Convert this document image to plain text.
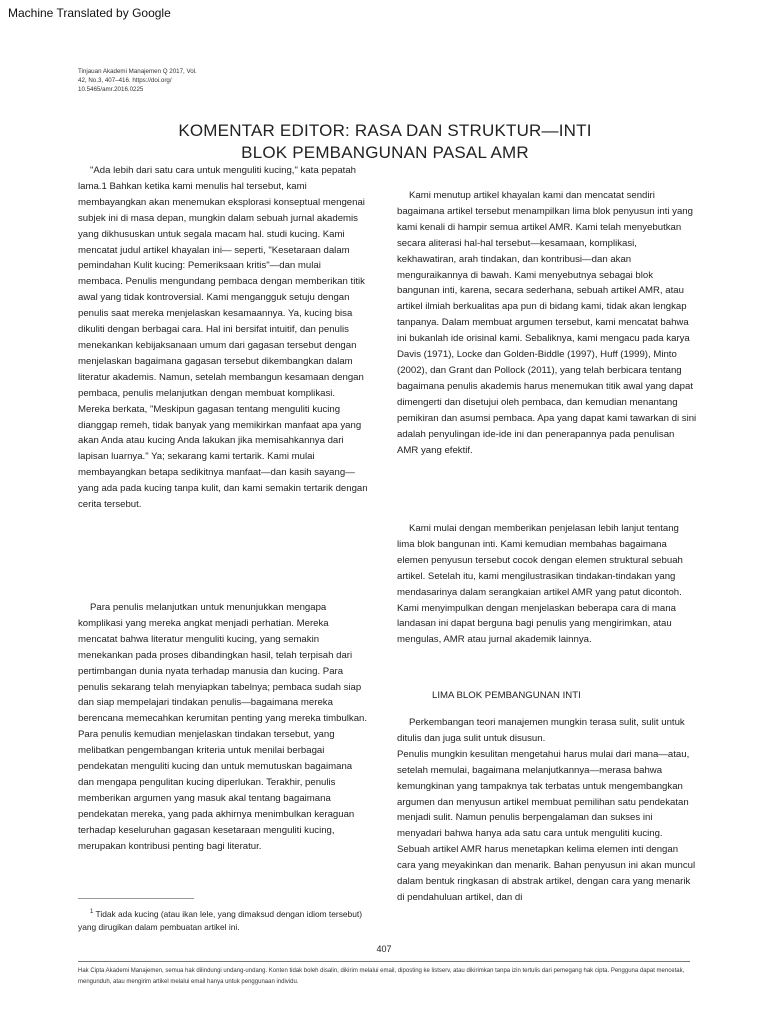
Machine Translated by Google
Tinjauan Akademi Manajemen Q 2017, Vol.
42, No.3, 407–416. https://doi.org/
10.5465/amr.2016.0225
KOMENTAR EDITOR: RASA DAN STRUKTUR—INTI
BLOK PEMBANGUNAN PASAL AMR

"Ada lebih dari satu cara untuk menguliti kucing," kata pepatah lama.1 Bahkan ketika kami menulis hal tersebut, kami membayangkan akan menemukan eksplorasi konseptual mengenai subjek ini di masa depan, mungkin dalam sebuah jurnal akademis yang dikhususkan untuk segala macam hal. studi kucing. Kami mencatat judul artikel khayalan ini— seperti, "Kesetaraan dalam pemindahan Kulit kucing: Pemeriksaan kritis"—dan mulai membaca. Penulis mengundang pembaca dengan memberikan titik awal yang tidak kontroversial. Kami mengangguk setuju dengan penulis saat mereka menjelaskan kesamaannya. Ya, kucing bisa dikuliti dengan berbagai cara. Hal ini bersifat intuitif, dan penulis menekankan kebijaksanaan umum dari gagasan tersebut dengan menjelaskan bagaimana gagasan tersebut dikembangkan dalam literatur akademis. Namun, setelah membangun kesamaan dengan pembaca, penulis melanjutkan dengan membuat komplikasi. Mereka berkata, "Meskipun gagasan tentang menguliti kucing dianggap remeh, tidak banyak yang memikirkan manfaat apa yang akan Anda atau kucing Anda lakukan jika memisahkannya dari lapisan luarnya." Ya; sekarang kami tertarik. Kami mulai membayangkan betapa sedikitnya manfaat—dan kasih sayang—yang ada pada kucing tanpa kulit, dan kami semakin tertarik dengan cerita tersebut.

Para penulis melanjutkan untuk menunjukkan mengapa komplikasi yang mereka angkat menjadi perhatian. Mereka mencatat bahwa literatur menguliti kucing, yang semakin menekankan pada proses dibandingkan hasil, telah terpisah dari pertimbangan dunia nyata terhadap manusia dan kucing. Para penulis sekarang telah menyiapkan tabelnya; pembaca sudah siap dan siap mempelajari tindakan penulis—bagaimana mereka berencana memecahkan kerumitan penting yang mereka timbulkan. Para penulis kemudian menjelaskan tindakan tersebut, yang melibatkan pengembangan kriteria untuk menilai berbagai pendekatan menguliti kucing dan untuk memutuskan bagaimana dan mengapa pengulitan kucing diperlukan. Terakhir, penulis memberikan argumen yang masuk akal tentang bagaimana pendekatan mereka, yang pada akhirnya menimbulkan keraguan terhadap keseluruhan gagasan kesetaraan menguliti kucing, merupakan kontribusi penting bagi literatur.

Kami menutup artikel khayalan kami dan mencatat sendiri bagaimana artikel tersebut menampilkan lima blok penyusun inti yang kami kenali di hampir semua artikel AMR. Kami telah menyebutkan secara aliterasi hal-hal tersebut—kesamaan, komplikasi, kekhawatiran, arah tindakan, dan kontribusi—dan akan menguraikannya di bawah. Kami menyebutnya sebagai blok bangunan inti, karena, secara sederhana, sebuah artikel AMR, atau artikel ilmiah berkualitas apa pun di bidang kami, tidak akan lengkap tanpanya. Dalam membuat argumen tersebut, kami mencatat bahwa ini bukanlah ide orisinal kami. Sebaliknya, kami mengacu pada karya Davis (1971), Locke dan Golden-Biddle (1997), Huff (1999), Minto (2002), dan Grant dan Pollock (2011), yang telah berbicara tentang bagaimana penulis akademis harus menemukan titik awal yang dapat dimengerti dan disetujui oleh pembaca, dan kemudian menantang pemikiran dan asumsi pembaca. Apa yang dapat kami tawarkan di sini adalah penyulingan ide-ide ini dan penerapannya pada penulisan AMR yang efektif.

Kami mulai dengan memberikan penjelasan lebih lanjut tentang lima blok bangunan inti. Kami kemudian membahas bagaimana elemen penyusun tersebut cocok dengan elemen struktural sebuah artikel. Setelah itu, kami mengilustrasikan tindakan-tindakan yang mendasarinya dalam serangkaian artikel AMR yang patut dicontoh. Kami menyimpulkan dengan menjelaskan beberapa cara di mana landasan ini dapat berguna bagi penulis yang mengirimkan, atau mengulas, AMR atau jurnal akademik lainnya.

LIMA BLOK PEMBANGUNAN INTI

Perkembangan teori manajemen mungkin terasa sulit, sulit untuk ditulis dan juga sulit untuk disusun.

Penulis mungkin kesulitan mengetahui harus mulai dari mana—atau, setelah memulai, bagaimana melanjutkannya—merasa bahwa kemungkinan yang tampaknya tak terbatas untuk mengembangkan argumen dan menyusun artikel membuat pemilihan satu pendekatan menjadi sulit. Namun penulis berpengalaman dan sukses ini menyadari bahwa hanya ada satu cara untuk menguliti kucing. Sebuah artikel AMR harus menetapkan kelima elemen inti dengan cara yang meyakinkan dan menarik. Bahan penyusun ini akan muncul dalam bentuk ringkasan di abstrak artikel, dengan cara yang menarik di pendahuluan artikel, dan di

$^1$ Tidak ada kucing (atau ikan lele, yang dimaksud dengan idiom tersebut) yang dirugikan dalam pembuatan artikel ini.
407
Hak Cipta Akademi Manajemen, semua hak dilindungi undang-undang. Konten tidak boleh disalin, dikirim melalui email, diposting ke listserv, atau dikirimkan tanpa izin tertulis dari pemegang hak cipta. Pengguna dapat mencetak, mengunduh, atau mengirim artikel melalui email hanya untuk penggunaan individu.
